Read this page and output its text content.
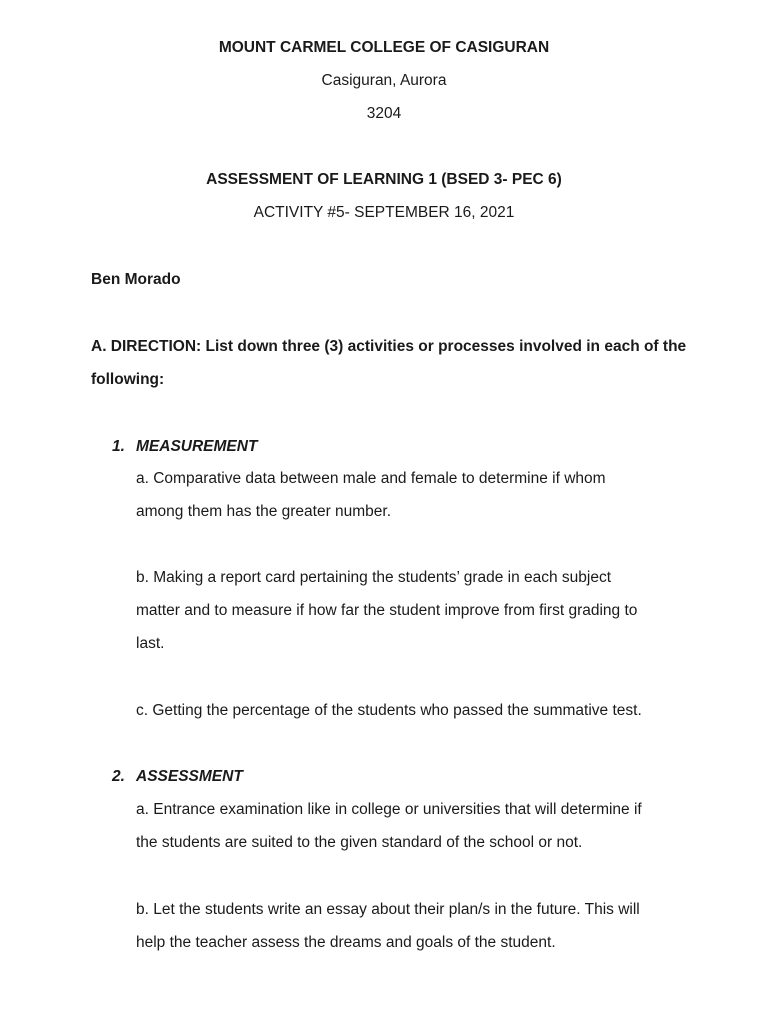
MOUNT CARMEL COLLEGE OF CASIGURAN
Casiguran, Aurora
3204
ASSESSMENT OF LEARNING 1 (BSED 3- PEC 6)
ACTIVITY #5- SEPTEMBER 16, 2021
Ben Morado
A. DIRECTION: List down three (3) activities or processes involved in each of the
following:
1. MEASUREMENT
a. Comparative data between male and female to determine if whom
among them has the greater number.
b. Making a report card pertaining the students’ grade in each subject
matter and to measure if how far the student improve from first grading to
last.
c. Getting the percentage of the students who passed the summative test.
2. ASSESSMENT
a. Entrance examination like in college or universities that will determine if
the students are suited to the given standard of the school or not.
b. Let the students write an essay about their plan/s in the future. This will
help the teacher assess the dreams and goals of the student.
